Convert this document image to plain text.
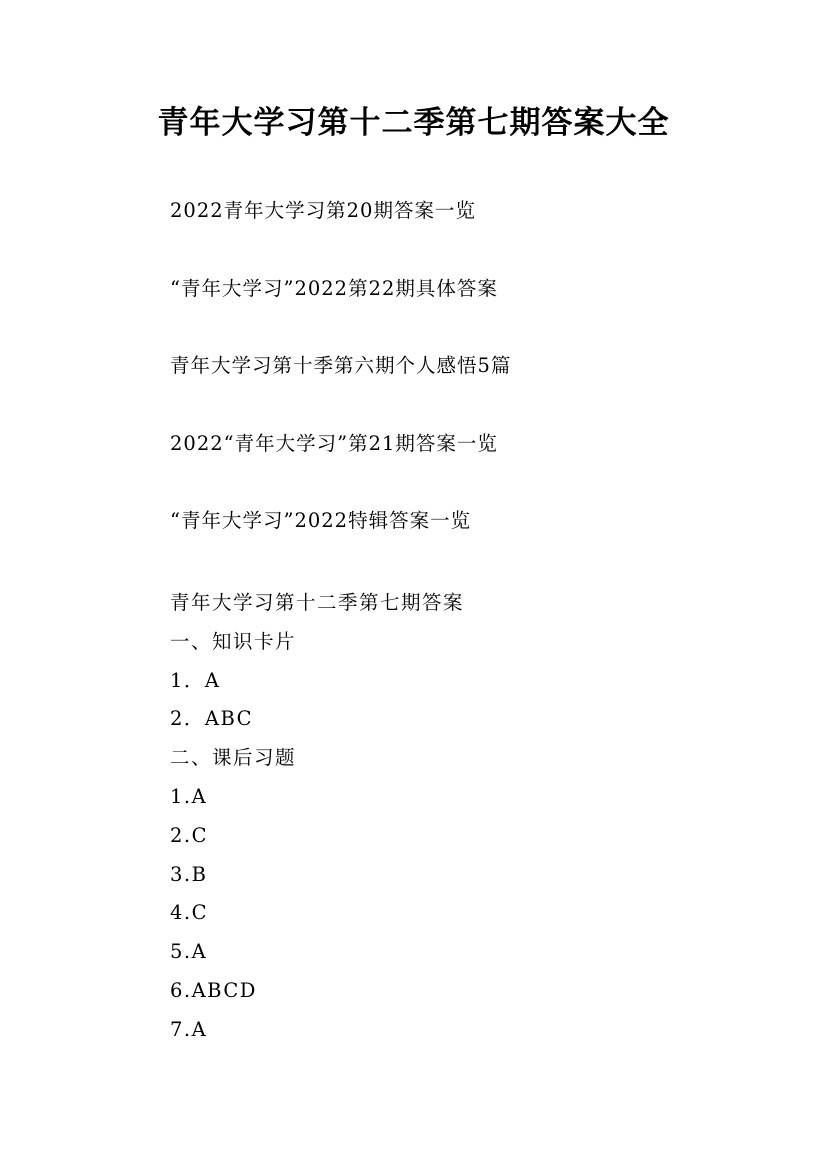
青年大学习第十二季第七期答案大全
2022青年大学习第20期答案一览
“青年大学习”2022第22期具体答案
青年大学习第十季第六期个人感悟5篇
2022“青年大学习”第21期答案一览
“青年大学习”2022特辑答案一览
青年大学习第十二季第七期答案
一、知识卡片
1．A
2．ABC
二、课后习题
1.A
2.C
3.B
4.C
5.A
6.ABCD
7.A
